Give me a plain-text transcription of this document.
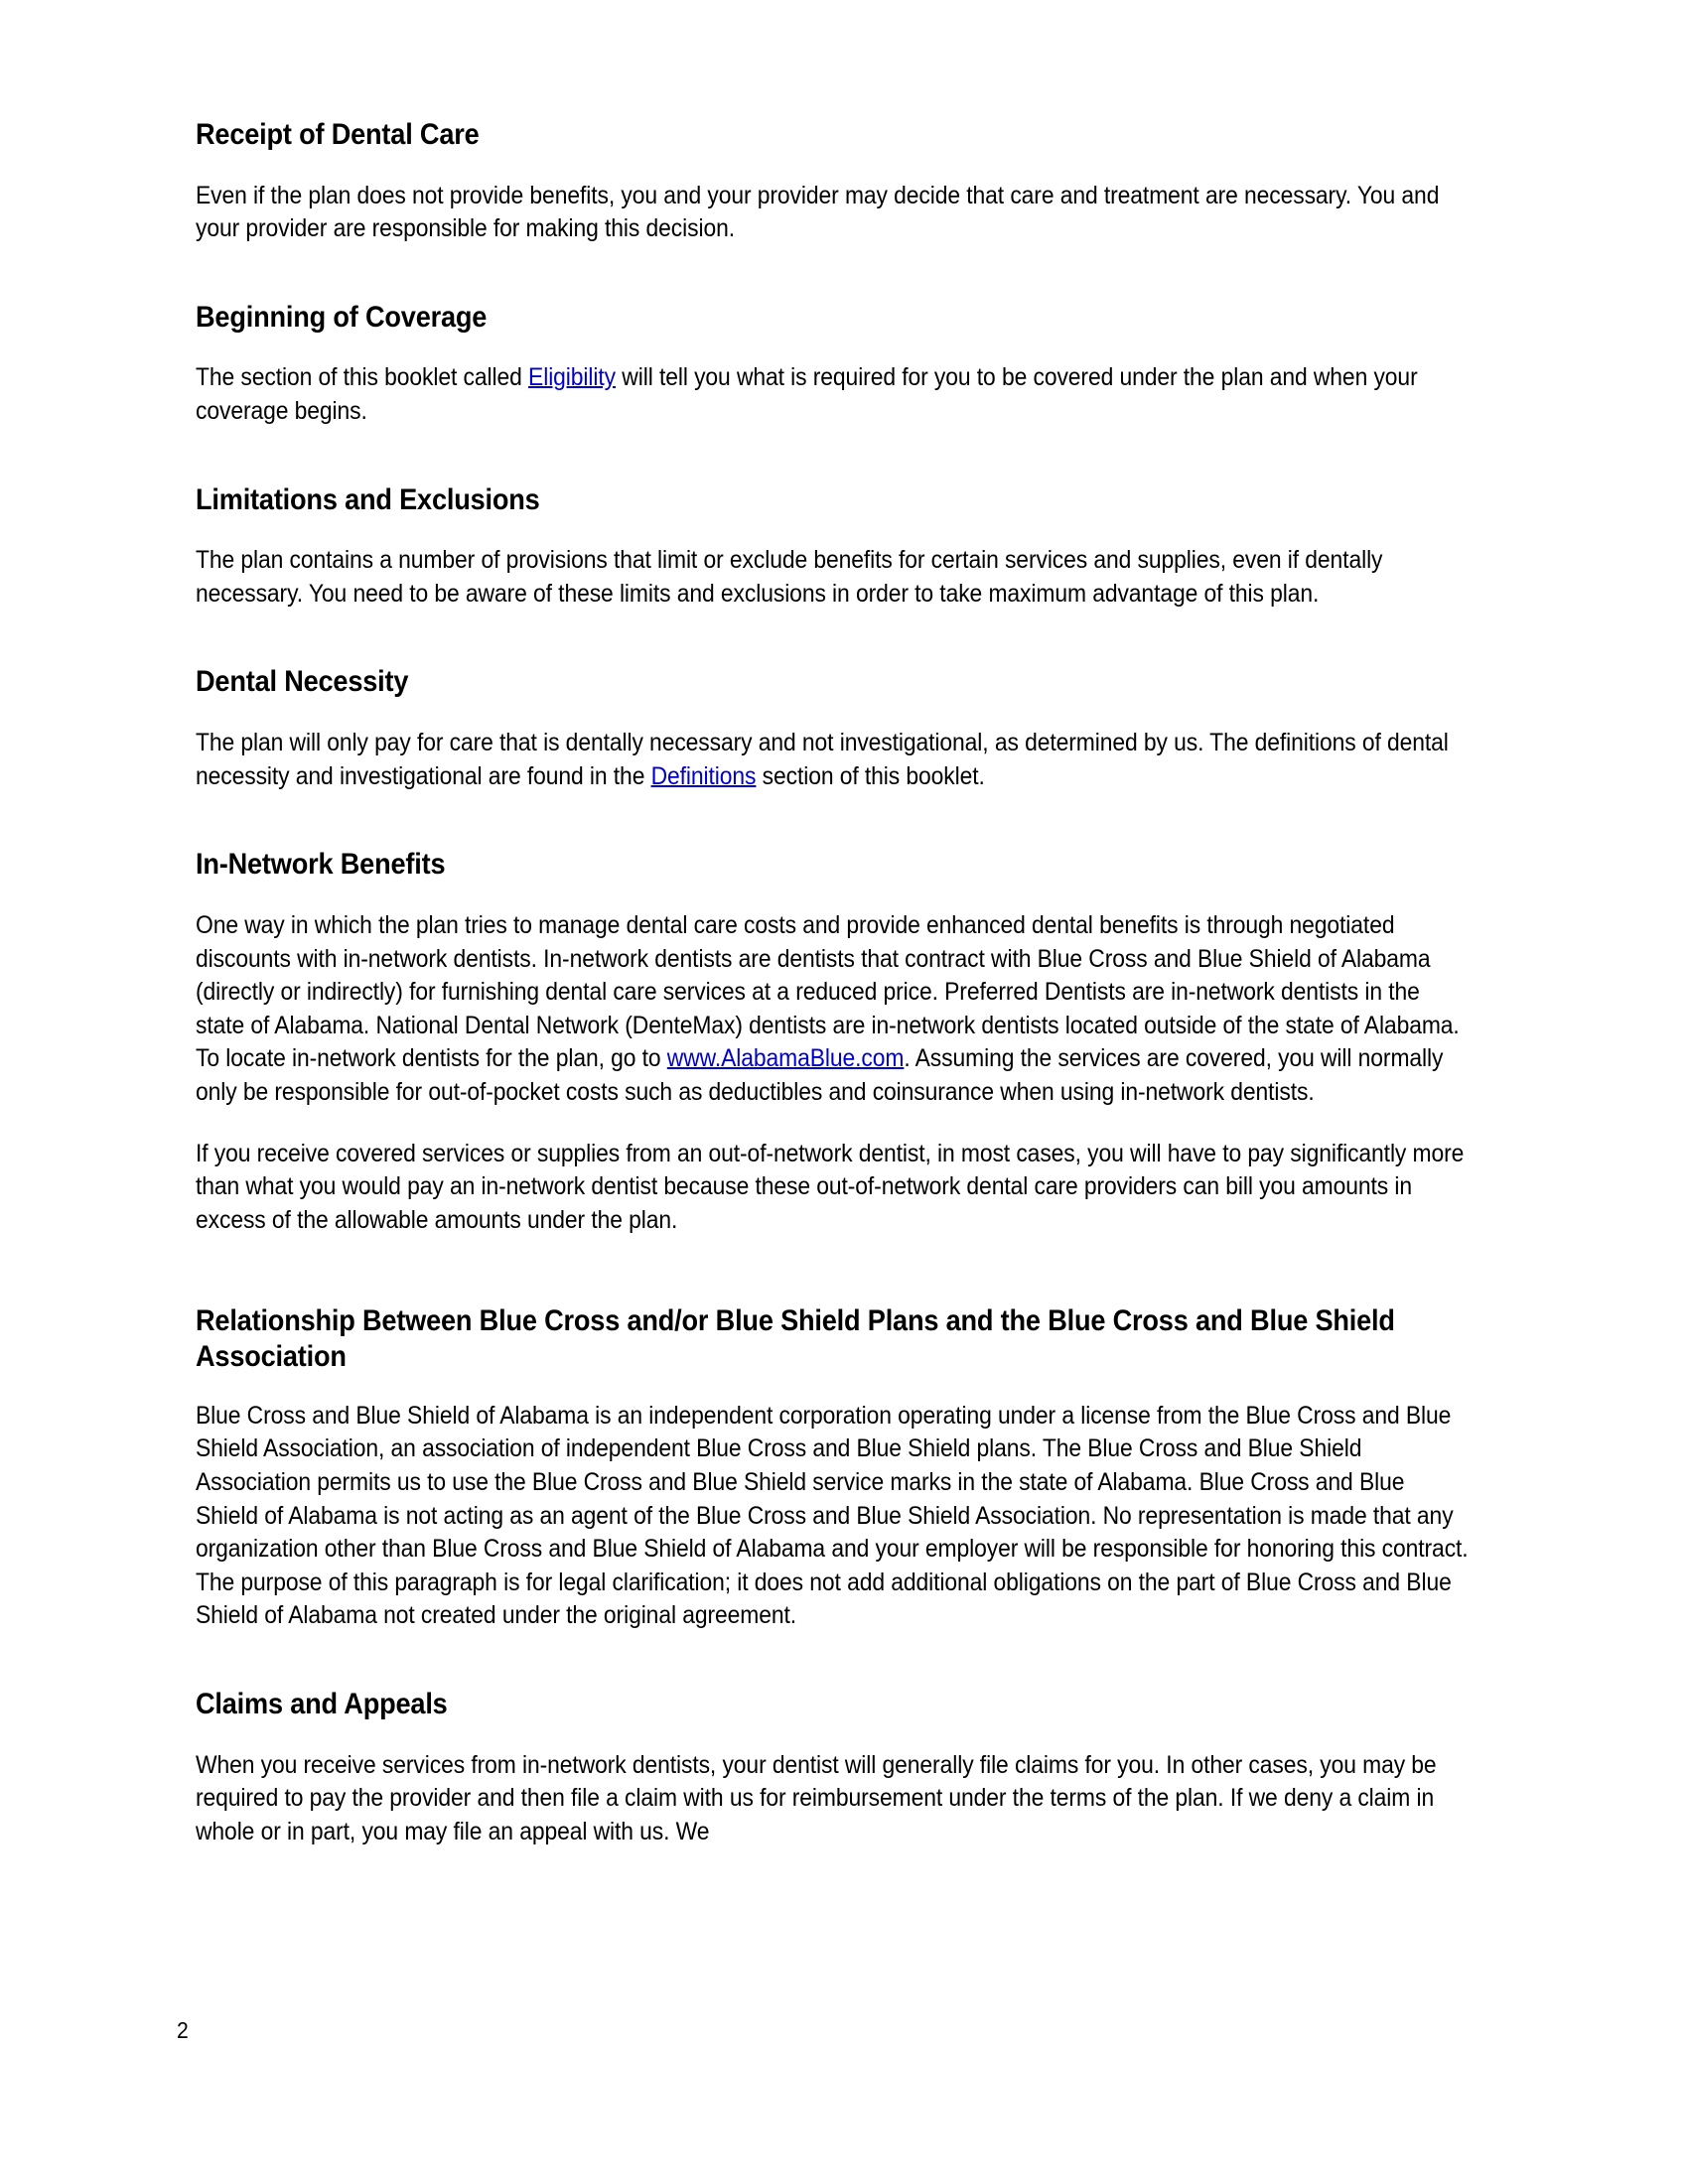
Receipt of Dental Care

Even if the plan does not provide benefits, you and your provider may decide that care and treatment are necessary. You and your provider are responsible for making this decision.

Beginning of Coverage

The section of this booklet called Eligibility will tell you what is required for you to be covered under the plan and when your coverage begins.

Limitations and Exclusions

The plan contains a number of provisions that limit or exclude benefits for certain services and supplies, even if dentally necessary. You need to be aware of these limits and exclusions in order to take maximum advantage of this plan.

Dental Necessity

The plan will only pay for care that is dentally necessary and not investigational, as determined by us. The definitions of dental necessity and investigational are found in the Definitions section of this booklet.

In-Network Benefits

One way in which the plan tries to manage dental care costs and provide enhanced dental benefits is through negotiated discounts with in-network dentists. In-network dentists are dentists that contract with Blue Cross and Blue Shield of Alabama (directly or indirectly) for furnishing dental care services at a reduced price. Preferred Dentists are in-network dentists in the state of Alabama. National Dental Network (DenteMax) dentists are in-network dentists located outside of the state of Alabama. To locate in-network dentists for the plan, go to www.AlabamaBlue.com. Assuming the services are covered, you will normally only be responsible for out-of-pocket costs such as deductibles and coinsurance when using in-network dentists.

If you receive covered services or supplies from an out-of-network dentist, in most cases, you will have to pay significantly more than what you would pay an in-network dentist because these out-of-network dental care providers can bill you amounts in excess of the allowable amounts under the plan.

Relationship Between Blue Cross and/or Blue Shield Plans and the Blue Cross and Blue Shield Association

Blue Cross and Blue Shield of Alabama is an independent corporation operating under a license from the Blue Cross and Blue Shield Association, an association of independent Blue Cross and Blue Shield plans. The Blue Cross and Blue Shield Association permits us to use the Blue Cross and Blue Shield service marks in the state of Alabama. Blue Cross and Blue Shield of Alabama is not acting as an agent of the Blue Cross and Blue Shield Association. No representation is made that any organization other than Blue Cross and Blue Shield of Alabama and your employer will be responsible for honoring this contract. The purpose of this paragraph is for legal clarification; it does not add additional obligations on the part of Blue Cross and Blue Shield of Alabama not created under the original agreement.

Claims and Appeals

When you receive services from in-network dentists, your dentist will generally file claims for you. In other cases, you may be required to pay the provider and then file a claim with us for reimbursement under the terms of the plan. If we deny a claim in whole or in part, you may file an appeal with us. We

2
